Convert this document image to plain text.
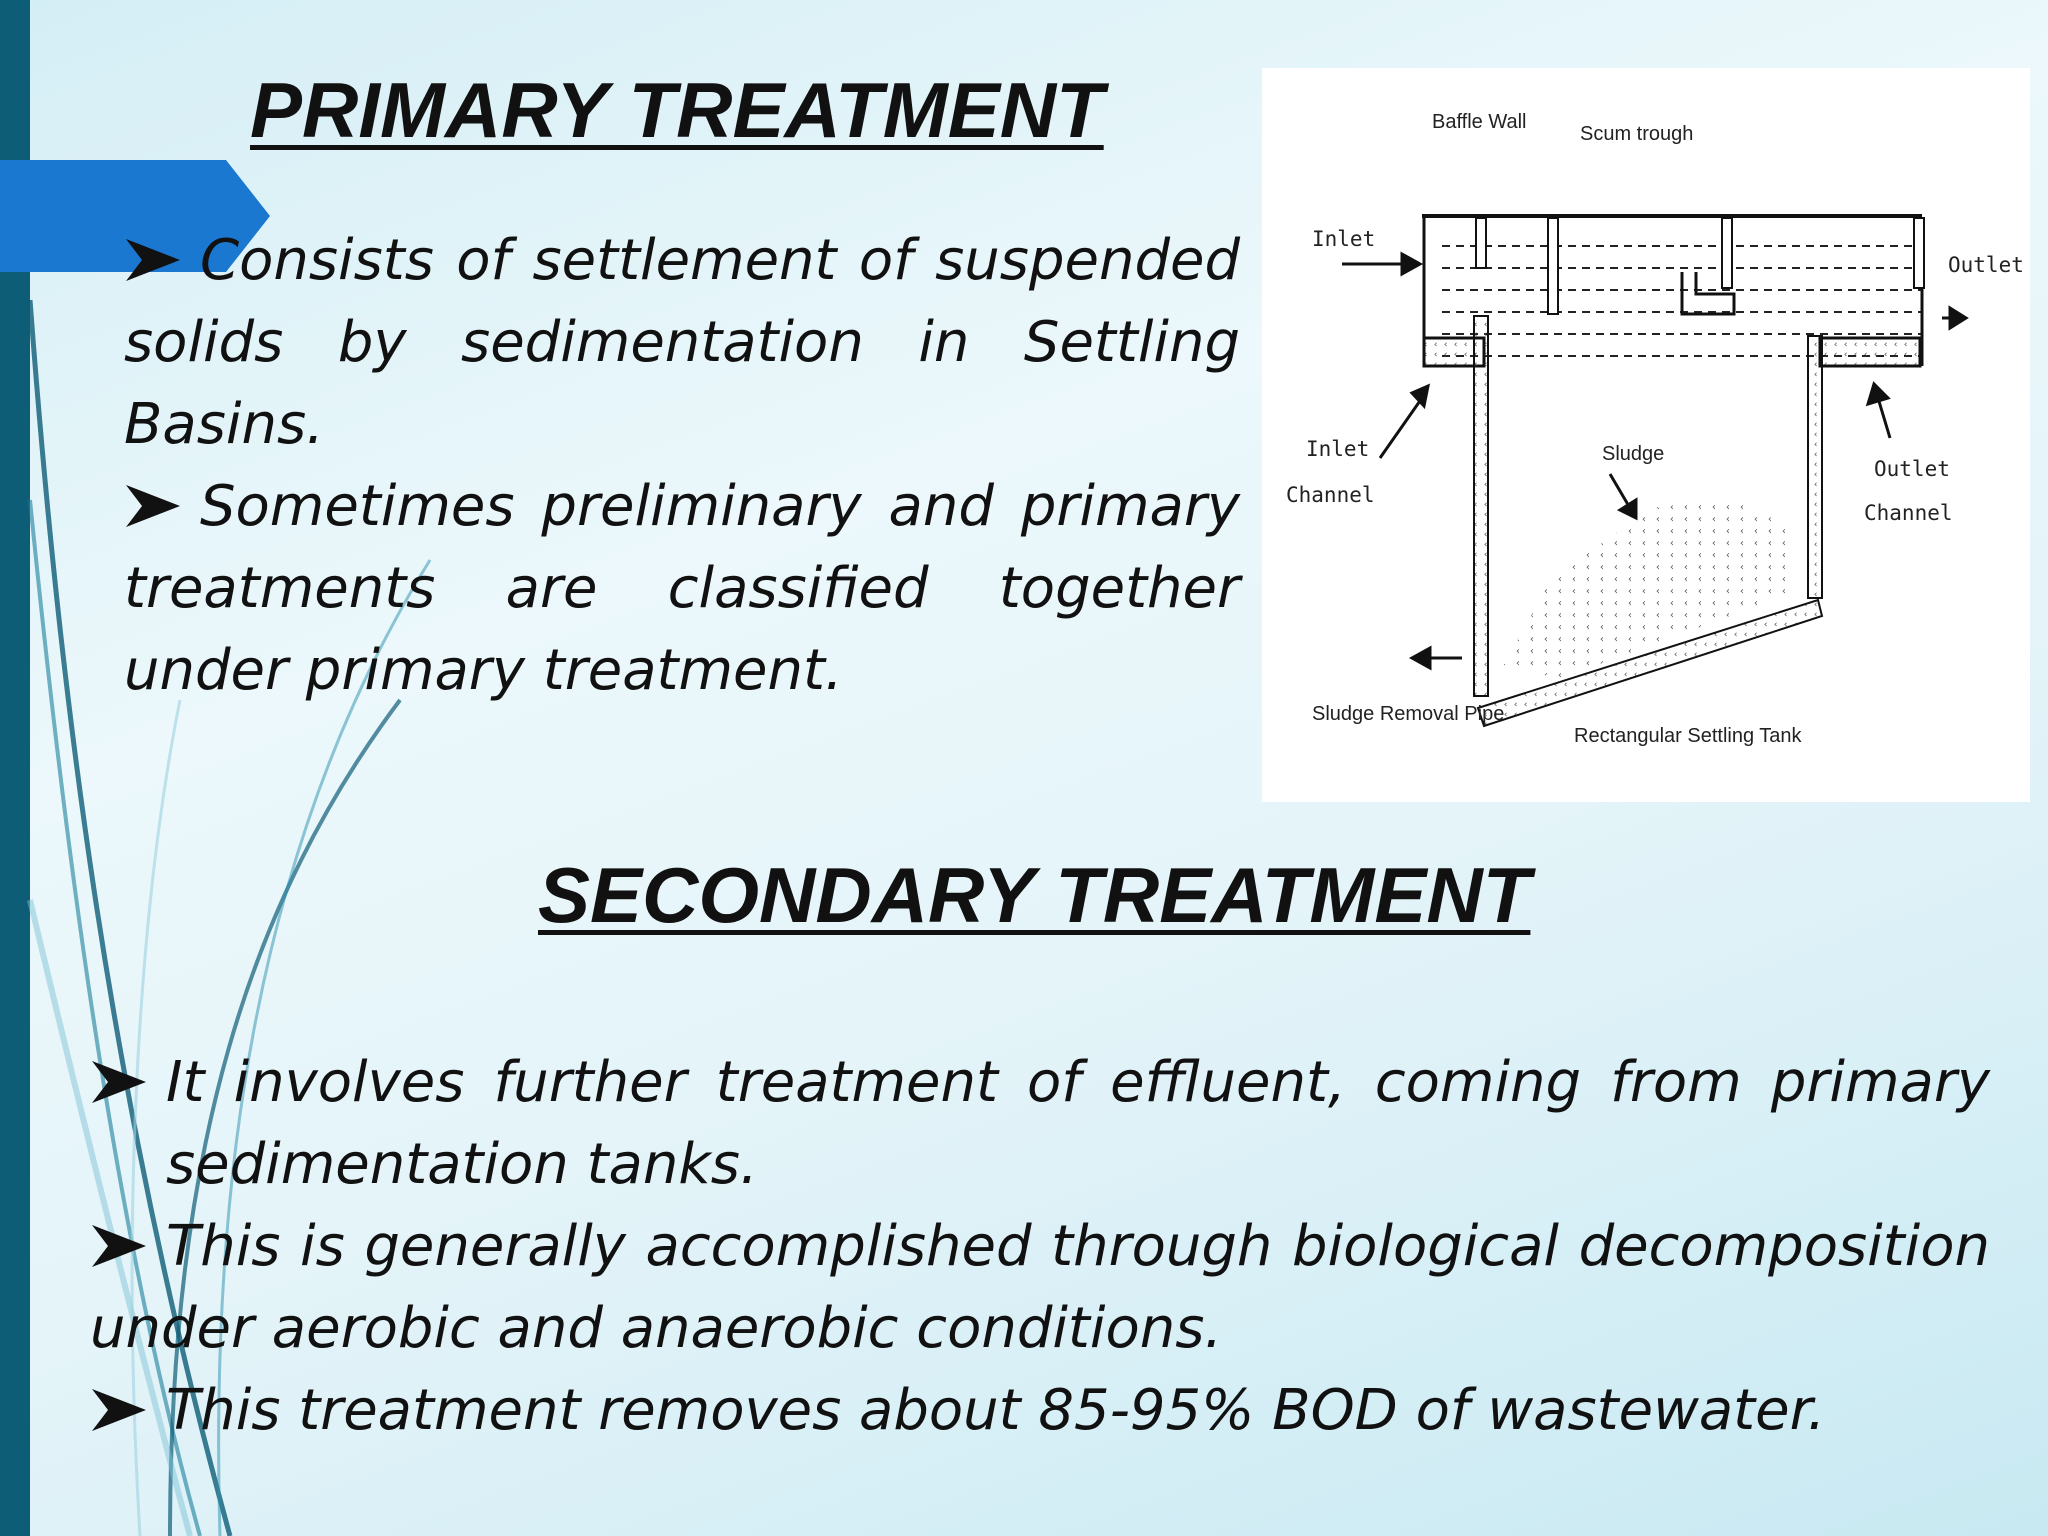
PRIMARY TREATMENT

Consists of settlement of suspended solids by sedimentation in Settling Basins.

Sometimes preliminary and primary treatments are classified together under primary treatment.

Baffle Wall
Scum trough
Inlet
Outlet
Inlet
Channel
Sludge
Outlet
Channel
Sludge Removal Pipe
Rectangular Settling Tank
SECONDARY TREATMENT

It involves further treatment of effluent, coming from primary sedimentation tanks.

This is generally accomplished through biological decomposition under aerobic and anaerobic conditions.

This treatment removes about 85-95% BOD of wastewater.
